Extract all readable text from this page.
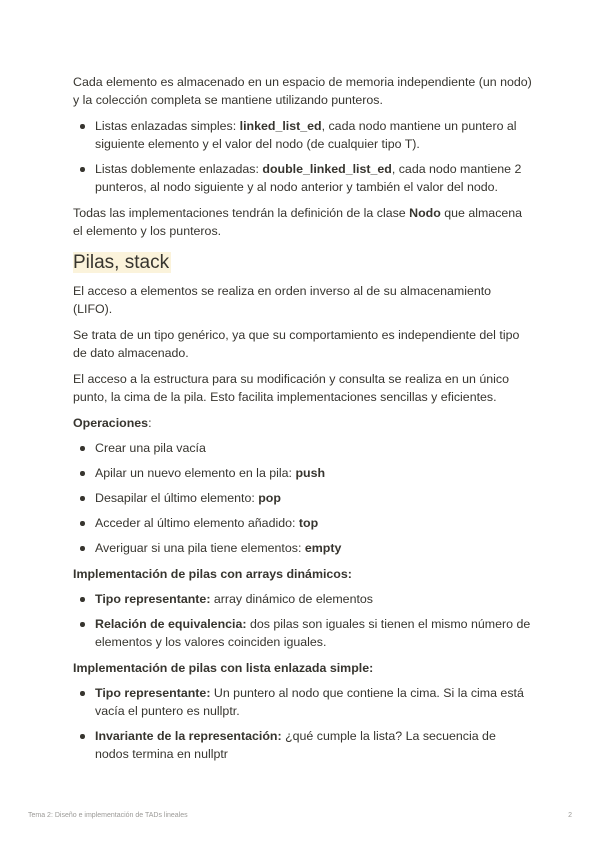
Cada elemento es almacenado en un espacio de memoria independiente (un nodo) y la colección completa se mantiene utilizando punteros.

Listas enlazadas simples: linked_list_ed, cada nodo mantiene un puntero al siguiente elemento y el valor del nodo (de cualquier tipo T).
Listas doblemente enlazadas: double_linked_list_ed, cada nodo mantiene 2 punteros, al nodo siguiente y al nodo anterior y también el valor del nodo.

Todas las implementaciones tendrán la definición de la clase Nodo que almacena el elemento y los punteros.

Pilas, stack

El acceso a elementos se realiza en orden inverso al de su almacenamiento (LIFO).

Se trata de un tipo genérico, ya que su comportamiento es independiente del tipo de dato almacenado.

El acceso a la estructura para su modificación y consulta se realiza en un único punto, la cima de la pila. Esto facilita implementaciones sencillas y eficientes.

Operaciones:

Crear una pila vacía
Apilar un nuevo elemento en la pila: push
Desapilar el último elemento: pop
Acceder al último elemento añadido: top
Averiguar si una pila tiene elementos: empty

Implementación de pilas con arrays dinámicos:

Tipo representante: array dinámico de elementos
Relación de equivalencia: dos pilas son iguales si tienen el mismo número de elementos y los valores coinciden iguales.

Implementación de pilas con lista enlazada simple:

Tipo representante: Un puntero al nodo que contiene la cima. Si la cima está vacía el puntero es nullptr.
Invariante de la representación: ¿qué cumple la lista? La secuencia de nodos termina en nullptr
Tema 2: Diseño e implementación de TADs lineales	2
